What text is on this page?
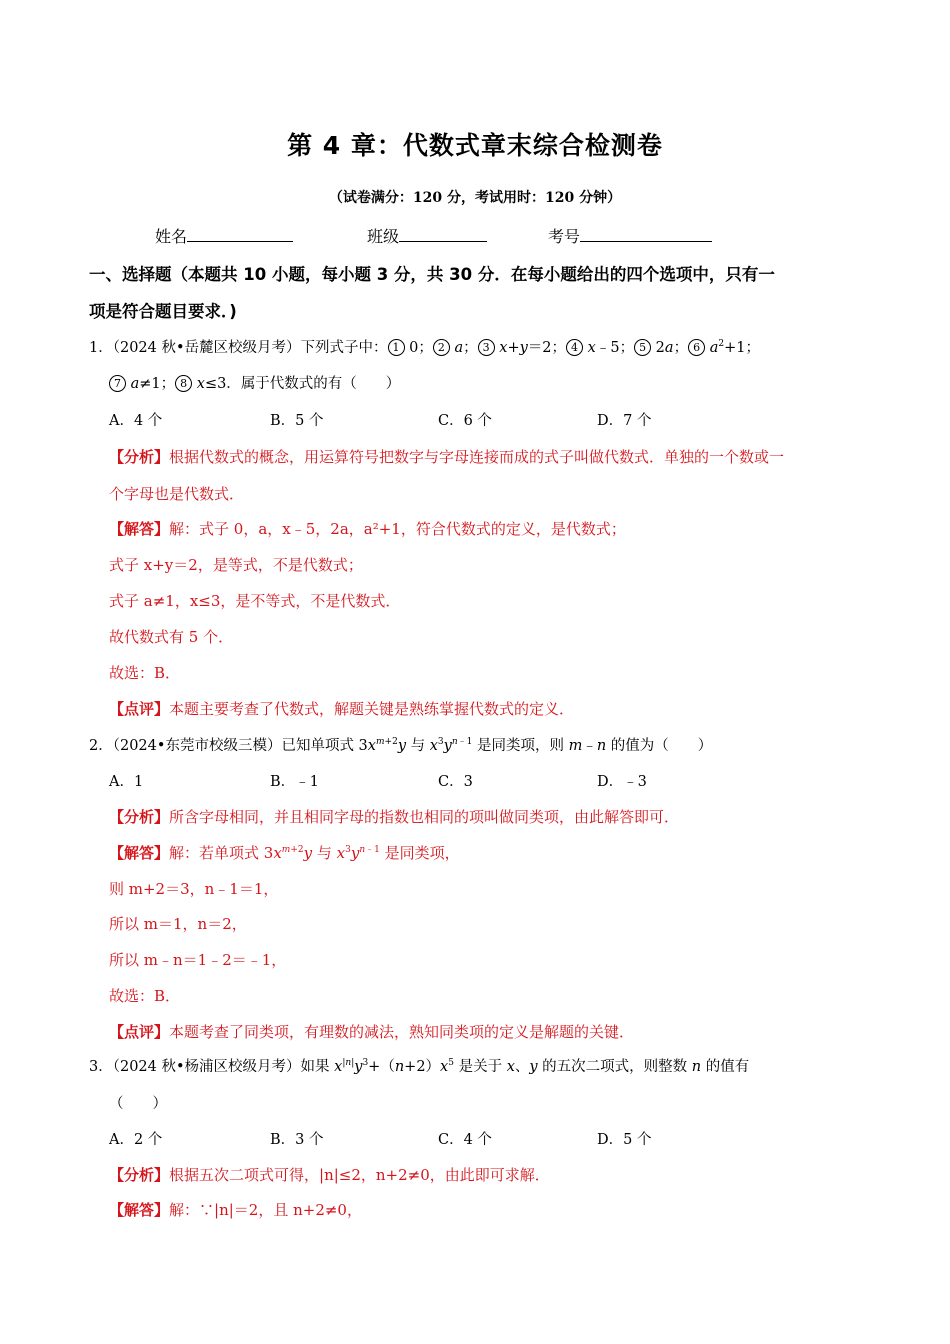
第 4 章：代数式章末综合检测卷
（试卷满分：120 分，考试用时：120 分钟）
姓名	班级	考号
一、选择题（本题共 10 小题，每小题 3 分，共 30 分．在每小题给出的四个选项中，只有一
项是符合题目要求．)
1．（2024 秋•岳麓区校级月考）下列式子中： 1 0； 2 a； 3 x+y＝2； 4 x﹣5； 5 2a； 6 $a^2+1$；
7 a≠1； 8 x≤3．属于代数式的有（　　）
A．4 个	B．5 个	C．6 个	D．7 个
【分析】根据代数式的概念，用运算符号把数字与字母连接而成的式子叫做代数式．单独的一个数或一
个字母也是代数式．
【解答】解：式子 0，a，x﹣5，2a，a²+1，符合代数式的定义，是代数式；
式子 x+y＝2，是等式，不是代数式；
式子 a≠1，x≤3，是不等式，不是代数式．
故代数式有 5 个．
故选：B．
【点评】本题主要考查了代数式，解题关键是熟练掌握代数式的定义．
2．（2024•东莞市校级三模）已知单项式 $3x^{m+2}y$ 与 $x^3y^{n﹣1}$ 是同类项，则 m﹣n 的值为（　　）
A．1	B．﹣1	C．3	D．﹣3
【分析】所含字母相同，并且相同字母的指数也相同的项叫做同类项，由此解答即可．
【解答】解：若单项式 $3x^{m+2}y$ 与 $x^3y^{n﹣1}$ 是同类项，
则 m+2＝3，n﹣1＝1，
所以 m＝1，n＝2，
所以 m﹣n＝1﹣2＝﹣1，
故选：B．
【点评】本题考查了同类项，有理数的减法，熟知同类项的定义是解题的关键．
3．（2024 秋•杨浦区校级月考）如果 $x^{|n|}y^3+(n+2)x^5$ 是关于 x、y 的五次二项式，则整数 n 的值有
（　　）
A．2 个	B．3 个	C．4 个	D．5 个
【分析】根据五次二项式可得，|n|≤2，n+2≠0，由此即可求解．
【解答】解：∵|n|＝2，且 n+2≠0，
